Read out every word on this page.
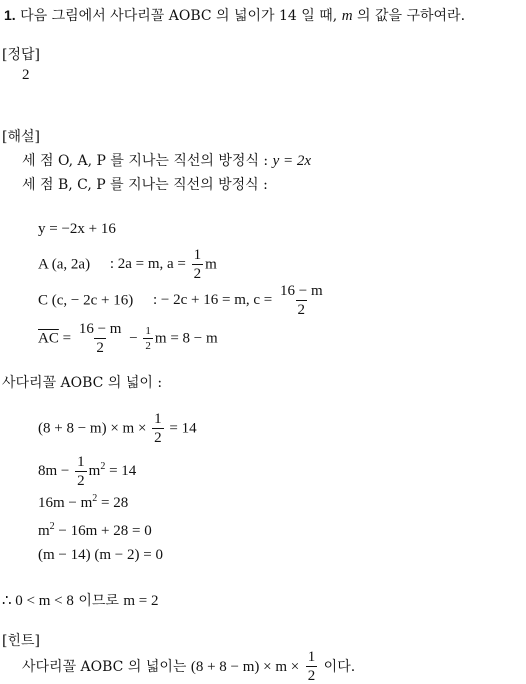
1. 다음 그림에서 사다리꼴 AOBC 의 넓이가 14 일 때, m 의 값을 구하여라.
[정답]
2
[해설]
세 점 O, A, P 를 지나는 직선의 방정식 : y = 2x
세 점 B, C, P 를 지나는 직선의 방정식 :
y = −2x + 16
A (a, 2a) : 2a = m, $a = \frac{1}{2}$ m
C (c, − 2c + 16) : − 2c + 16 = m, $c = \frac{16 - m}{2}$
$\overline{AC} = \frac{16 - m}{2} - \frac{1}{2}$ m = 8 − m
사다리꼴 AOBC 의 넓이 :
$(8 + 8 - m) \times m \times \frac{1}{2} = 14$
$8m - \frac{1}{2} m^2 = 14$
$16m - m^2 = 28$
$m^2 - 16m + 28 = 0$
(m − 14) (m − 2) = 0
∴ 0 < m < 8 이므로 m = 2
[힌트]
사다리꼴 AOBC 의 넓이는 $(8 + 8 - m) \times m \times \frac{1}{2}$ 이다.
